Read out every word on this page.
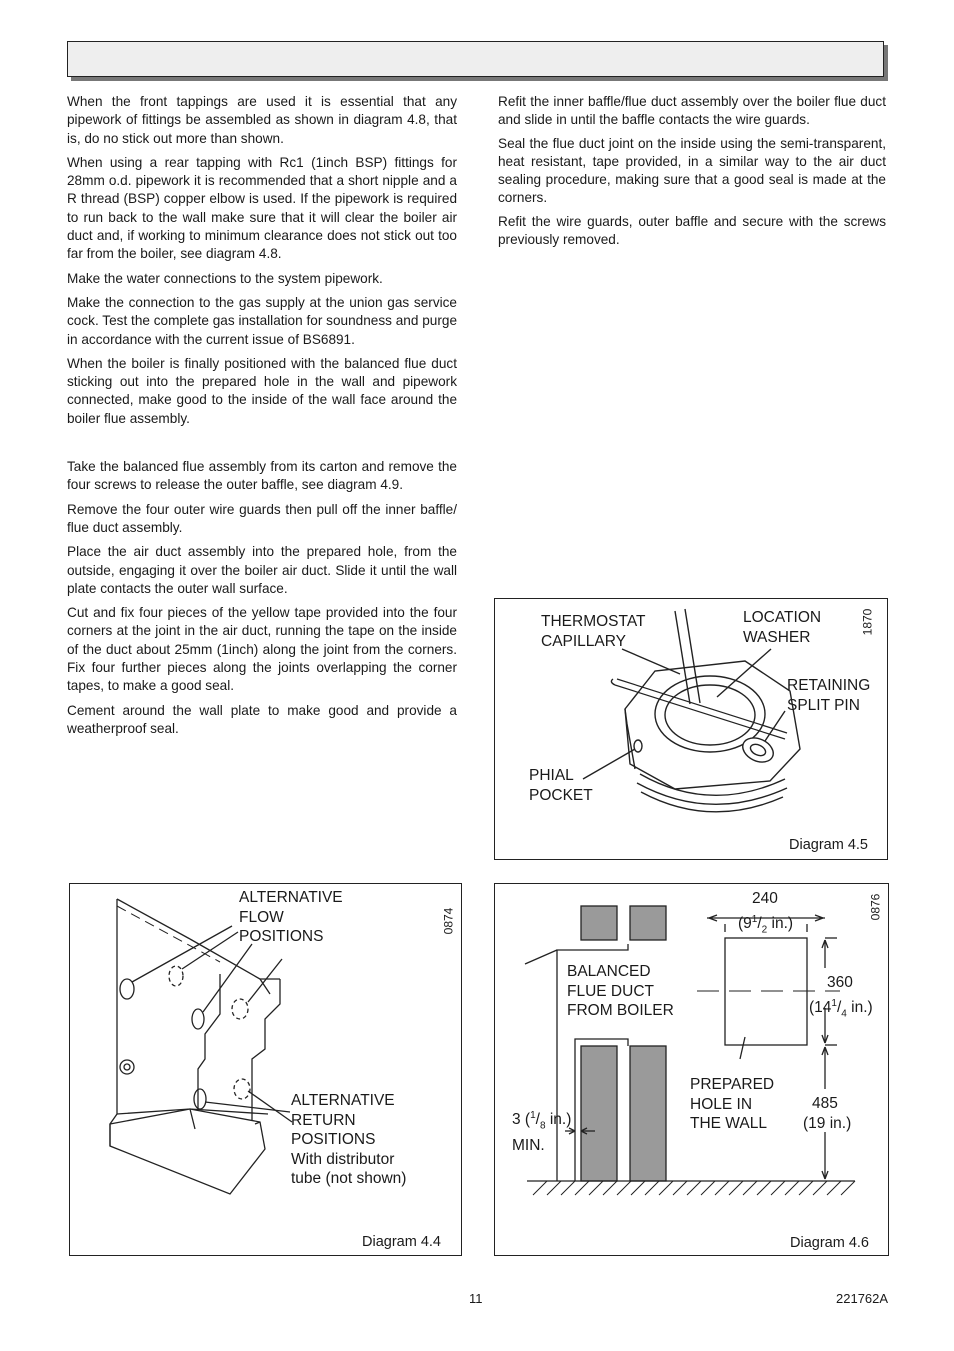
When the front tappings are used it is essential that any pipework of fittings be assembled as shown in diagram 4.8, that is, do no stick out more than shown.

When using a rear tapping with Rc1 (1inch BSP) fittings for 28mm o.d. pipework it is recommended that a short nipple and a R thread (BSP) copper elbow is used. If the pipework is required to run back to the wall make sure that it will clear the boiler air duct and, if working to minimum clearance does not stick out too far from the boiler, see diagram 4.8.

Make the water connections to the system pipework.

Make the connection to the gas supply at the union gas service cock. Test the complete gas installation for soundness and purge in accordance with the current issue of BS6891.

When the boiler is finally positioned with the balanced flue duct sticking out into the prepared hole in the wall and pipework connected, make good to the inside of the wall face around the boiler flue assembly.

Take the balanced flue assembly from its carton and remove the four screws to release the outer baffle, see diagram 4.9.

Remove the four outer wire guards then pull off the inner baffle/ flue duct assembly.

Place the air duct assembly into the prepared hole, from the outside, engaging it over the boiler air duct. Slide it until the wall plate contacts the outer wall surface.

Cut and fix four pieces of the yellow tape provided into the four corners at the joint in the air duct, running the tape on the inside of the duct about 25mm (1inch) along the joint from the corners. Fix four further pieces along the joints overlapping the corner tapes, to make a good seal.

Cement around the wall plate to make good and provide a weatherproof seal.

Refit the inner baffle/flue duct assembly over the boiler flue duct and slide in until the baffle contacts the wire guards.

Seal the flue duct joint on the inside using the semi-transparent, heat resistant, tape provided, in a similar way to the air duct sealing procedure, making sure that a good seal is made at the corners.

Refit the wire guards, outer baffle and secure with the screws previously removed.

THERMOSTAT
CAPILLARY
LOCATION
WASHER
RETAINING
SPLIT PIN
PHIAL
POCKET
1870
Diagram 4.5
ALTERNATIVE
FLOW
POSITIONS
ALTERNATIVE
RETURN
POSITIONS
With distributor
tube (not shown)
0874
Diagram 4.4
240
($9^1/_2$ in.)
360
($14^1/_4$ in.)
485
(19 in.)
3 ($^1/_8$ in.)
MIN.
BALANCED
FLUE DUCT
FROM BOILER
PREPARED
HOLE IN
THE WALL
0876
Diagram 4.6
11	221762A
